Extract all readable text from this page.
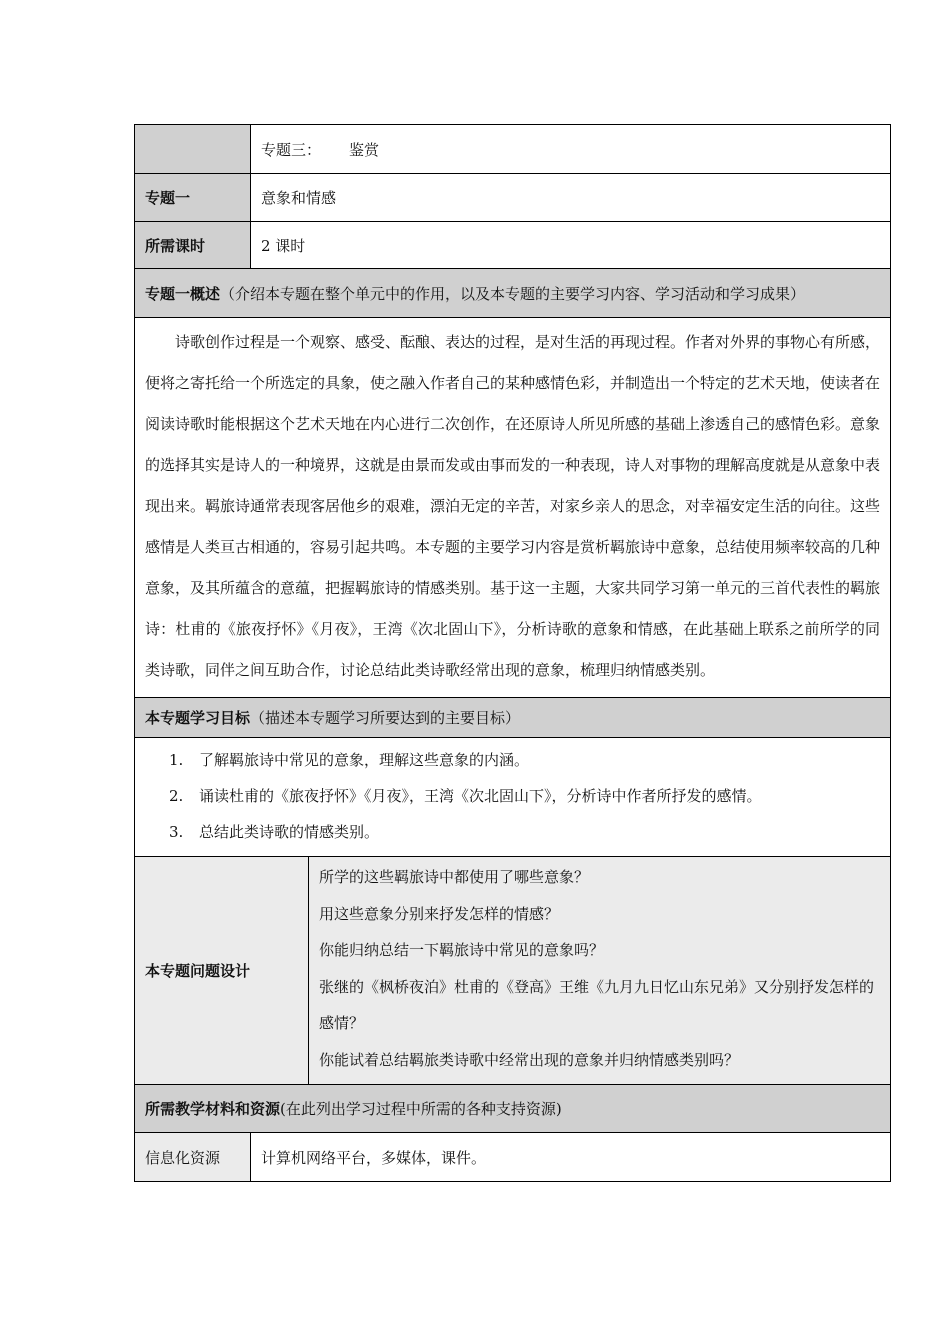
	专题三： 鉴赏	
专题一	意象和情感	
所需课时	2 课时	
专题一概述（介绍本专题在整个单元中的作用，以及本专题的主要学习内容、学习活动和学习成果）		

诗歌创作过程是一个观察、感受、酝酿、表达的过程，是对生活的再现过程。作者对外界的事物心有所感，便将之寄托给一个所选定的具象，使之融入作者自己的某种感情色彩，并制造出一个特定的艺术天地，使读者在阅读诗歌时能根据这个艺术天地在内心进行二次创作，在还原诗人所见所感的基础上渗透自己的感情色彩。意象的选择其实是诗人的一种境界，这就是由景而发或由事而发的一种表现，诗人对事物的理解高度就是从意象中表现出来。羁旅诗通常表现客居他乡的艰难，漂泊无定的辛苦，对家乡亲人的思念，对幸福安定生活的向往。这些感情是人类亘古相通的，容易引起共鸣。本专题的主要学习内容是赏析羁旅诗中意象，总结使用频率较高的几种意象，及其所蕴含的意蕴，把握羁旅诗的情感类别。基于这一主题，大家共同学习第一单元的三首代表性的羁旅诗：杜甫的《旅夜抒怀》《月夜》，王湾《次北固山下》，分析诗歌的意象和情感，在此基础上联系之前所学的同类诗歌，同伴之间互助合作，讨论总结此类诗歌经常出现的意象，梳理归纳情感类别。		

本专题学习目标（描述本专题学习所要达到的主要目标）		

1. 了解羁旅诗中常见的意象，理解这些意象的内涵。
2. 诵读杜甫的《旅夜抒怀》《月夜》，王湾《次北固山下》，分析诗中作者所抒发的感情。
3. 总结此类诗歌的情感类别。		

本专题问题设计		所学的这些羁旅诗中都使用了哪些意象？
用这些意象分别来抒发怎样的情感？
你能归纳总结一下羁旅诗中常见的意象吗？
张继的《枫桥夜泊》杜甫的《登高》王维《九月九日忆山东兄弟》又分别抒发怎样的感情？
你能试着总结羁旅类诗歌中经常出现的意象并归纳情感类别吗？

所需教学材料和资源(在此列出学习过程中所需的各种支持资源)		
信息化资源	计算机网络平台，多媒体，课件。	
